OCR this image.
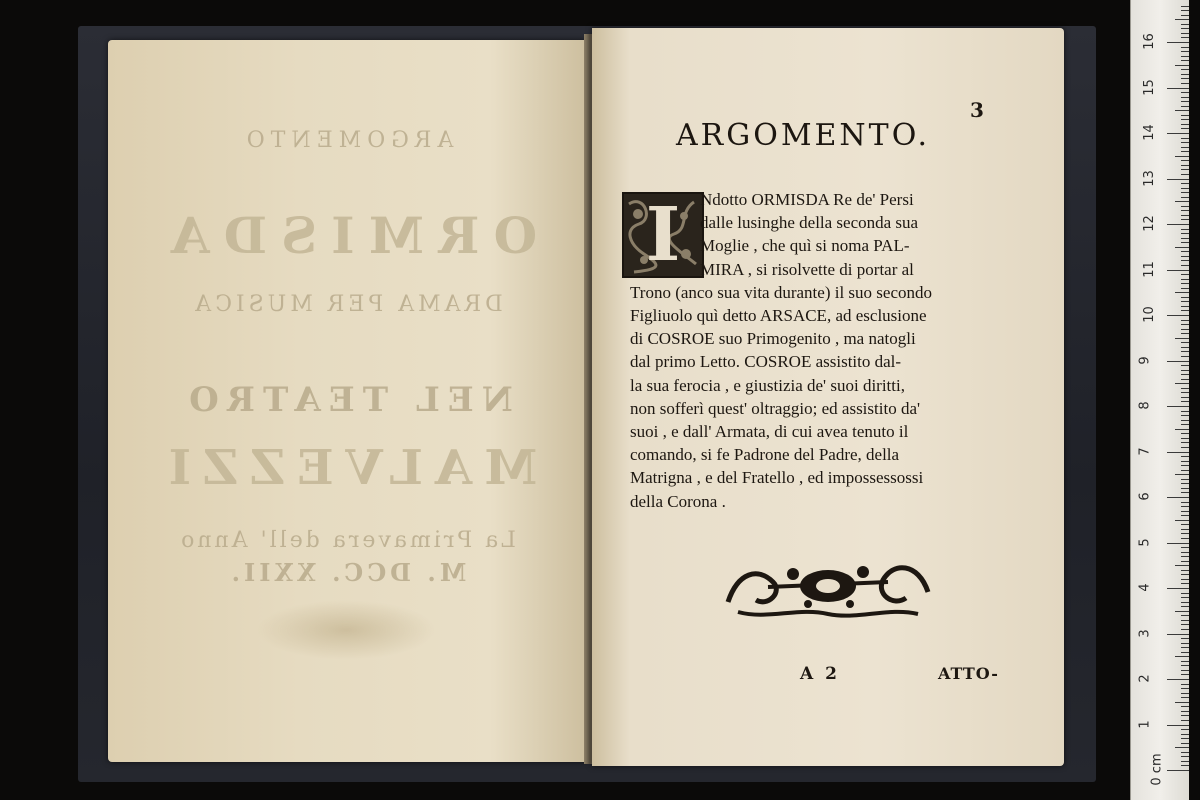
ARGOMENTO
ORMISDA
DRAMA PER MUSICA
NEL TEATRO
MALVEZZI
La Primavera dell' Anno
M. DCC. XXII.
3
ARGOMENTO.
I	Ndotto ORMISDA Re de' Persi
dalle lusinghe della seconda sua
Moglie , che quì si noma PAL-
MIRA , si risolvette di portar al
Trono (anco sua vita durante) il suo secondo
Figliuolo quì detto ARSACE, ad esclusione
di COSROE suo Primogenito , ma natogli
dal primo Letto. COSROE assistito dal-
la sua ferocia , e giustizia de' suoi diritti,
non sofferì quest' oltraggio; ed assistito da'
suoi , e dall' Armata, di cui avea tenuto il
comando, si fe Padrone del Padre, della
Matrigna , e del Fratello , ed impossessossi
della Corona .
A 2	ATTO-
0 cm
1
2
3
4
5
6
7
8
9
10
11
12
13
14
15
16
